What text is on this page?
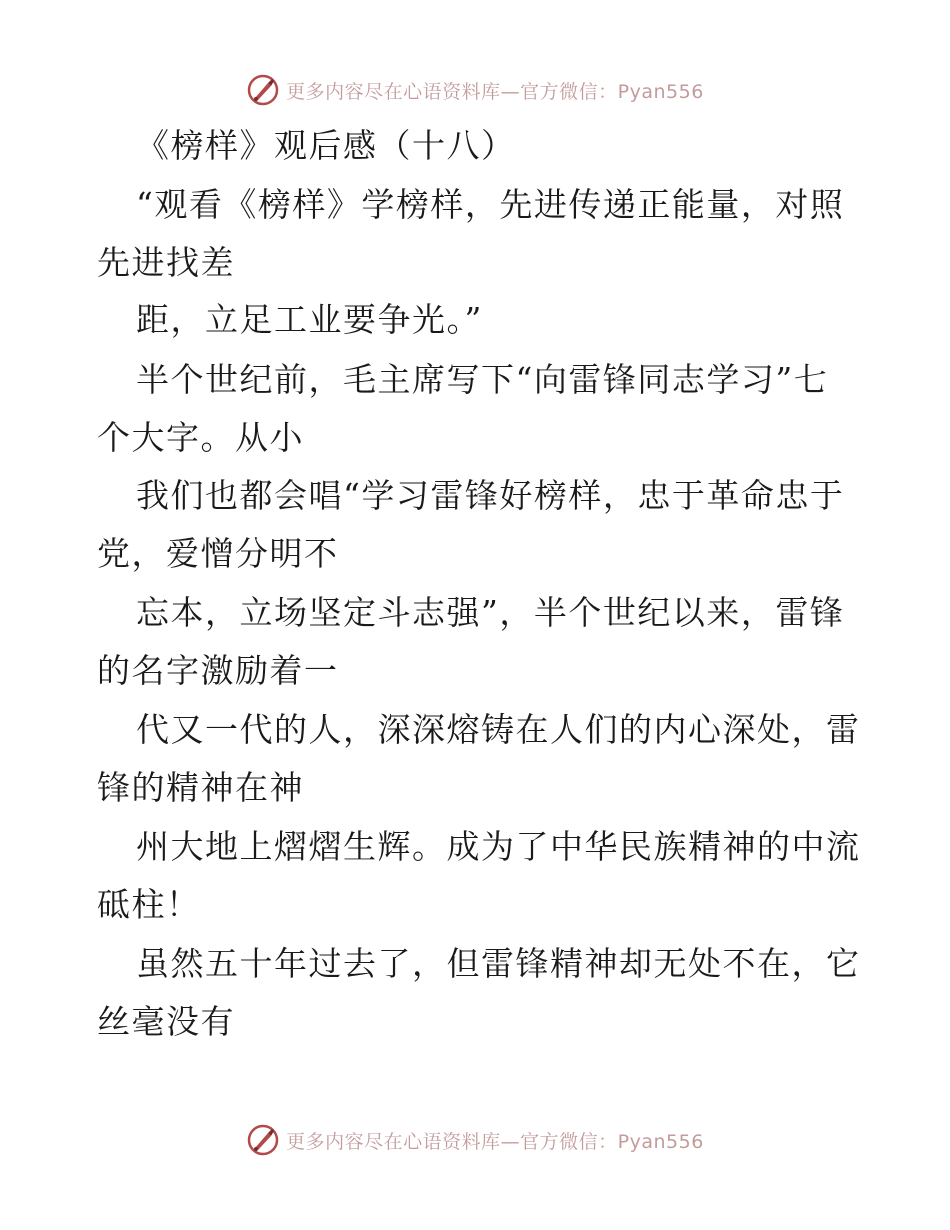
更多内容尽在心语资料库—官方微信：Pyan556
《榜样》观后感（十八）
“观看《榜样》学榜样，先进传递正能量，对照
先进找差
距，立足工业要争光。”
半个世纪前，毛主席写下“向雷锋同志学习”七
个大字。从小
我们也都会唱“学习雷锋好榜样，忠于革命忠于
党，爱憎分明不
忘本，立场坚定斗志强”，半个世纪以来，雷锋
的名字激励着一
代又一代的人，深深熔铸在人们的内心深处，雷
锋的精神在神
州大地上熠熠生辉。成为了中华民族精神的中流
砥柱！
虽然五十年过去了，但雷锋精神却无处不在，它
丝毫没有
更多内容尽在心语资料库—官方微信：Pyan556
